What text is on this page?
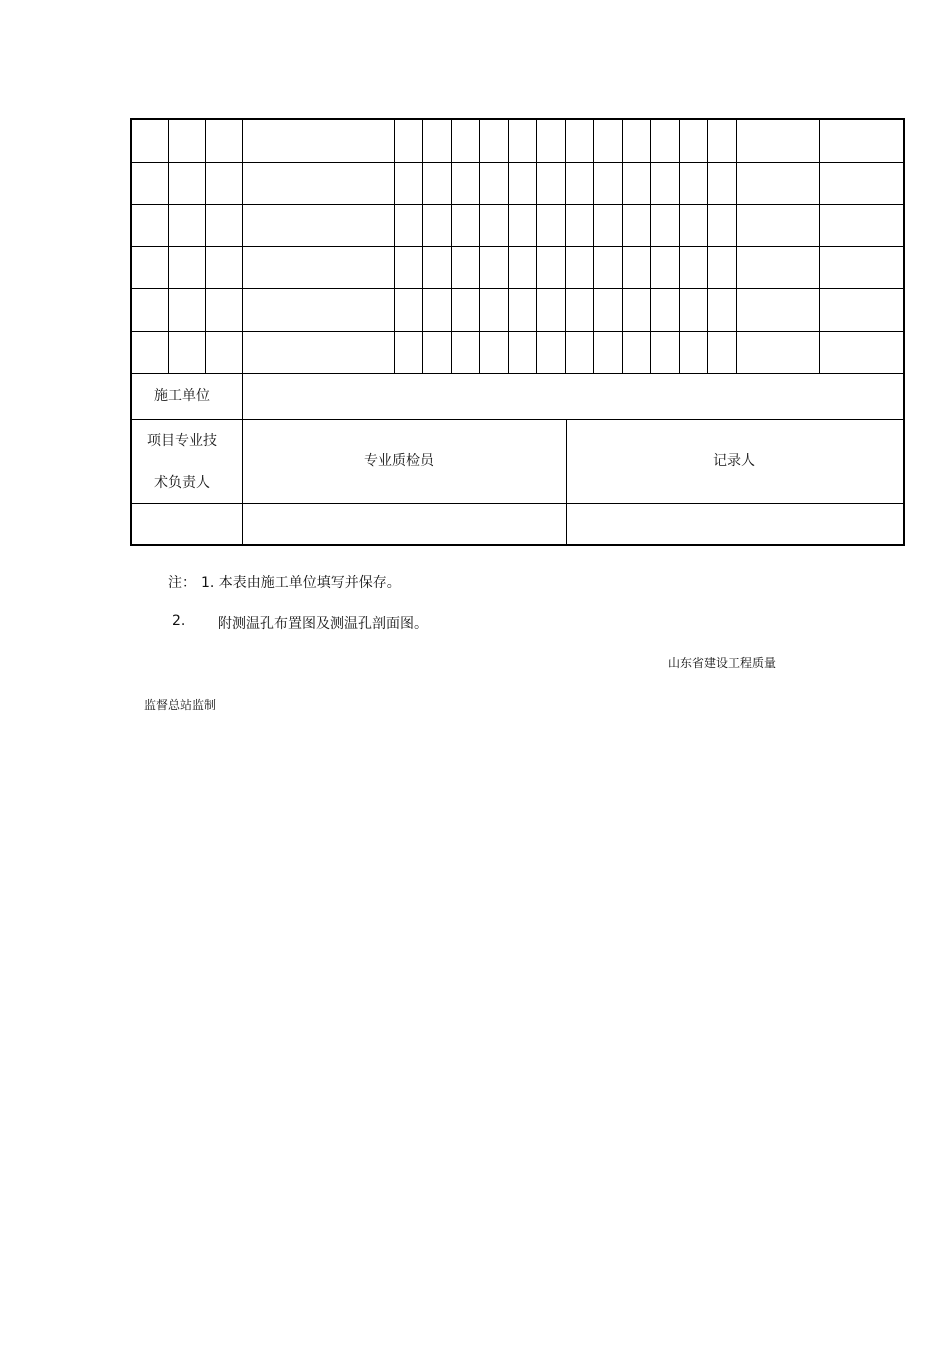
施工单位
项目专业技
术负责人
专业质检员	记录人
注： 1. 本表由施工单位填写并保存。
2. 附测温孔布置图及测温孔剖面图。
山东省建设工程质量
监督总站监制
